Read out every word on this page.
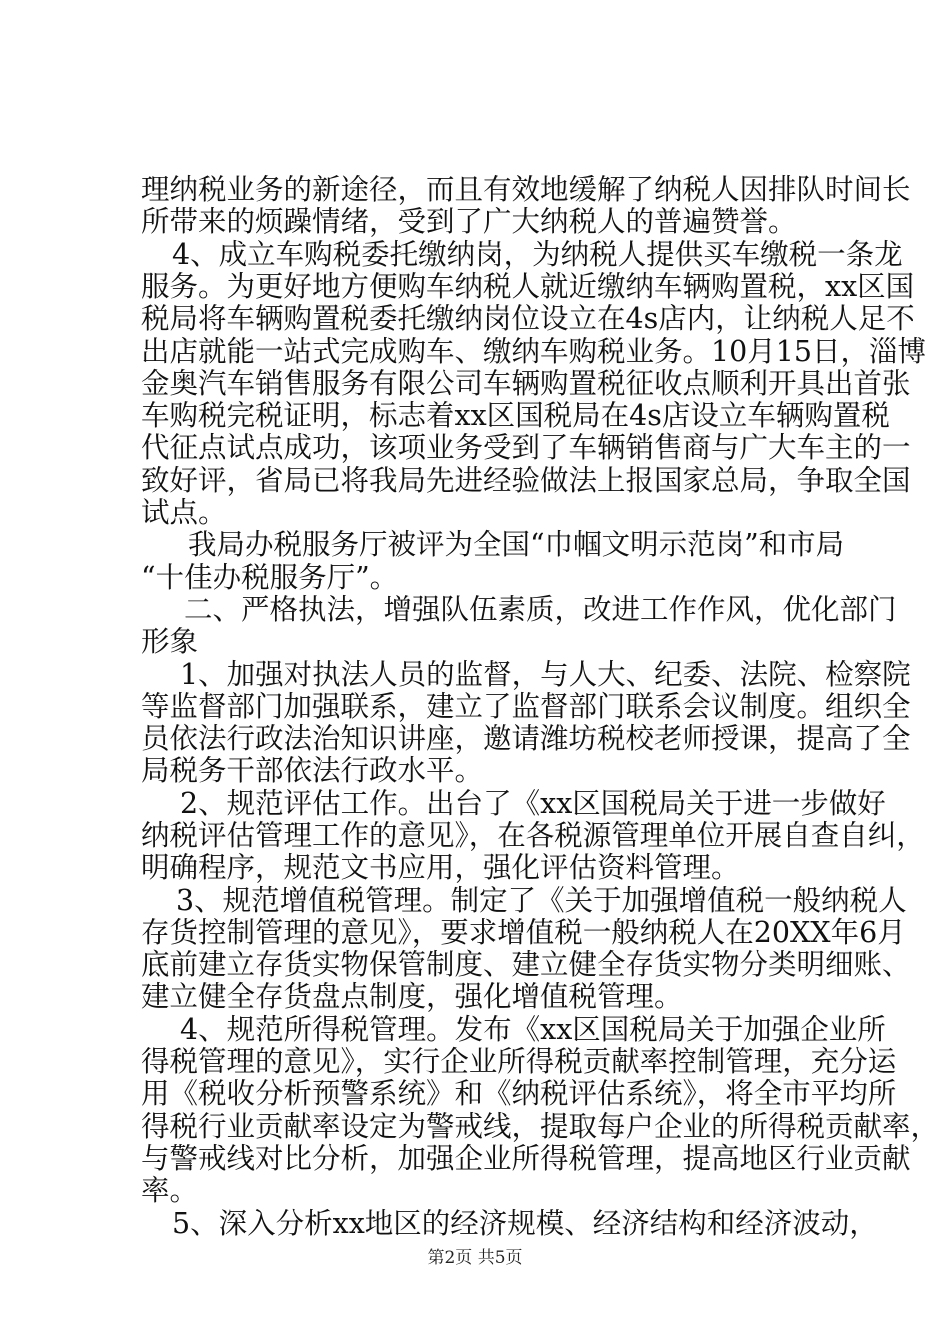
理纳税业务的新途径，而且有效地缓解了纳税人因排队时间长
所带来的烦躁情绪，受到了广大纳税人的普遍赞誉。
4、成立车购税委托缴纳岗，为纳税人提供买车缴税一条龙
服务。为更好地方便购车纳税人就近缴纳车辆购置税，xx区国
税局将车辆购置税委托缴纳岗位设立在4s店内，让纳税人足不
出店就能一站式完成购车、缴纳车购税业务。10月15日，淄博
金奥汽车销售服务有限公司车辆购置税征收点顺利开具出首张
车购税完税证明，标志着xx区国税局在4s店设立车辆购置税
代征点试点成功，该项业务受到了车辆销售商与广大车主的一
致好评，省局已将我局先进经验做法上报国家总局，争取全国
试点。
我局办税服务厅被评为全国“巾帼文明示范岗”和市局
“十佳办税服务厅”。
二、严格执法，增强队伍素质，改进工作作风，优化部门
形象
1、加强对执法人员的监督，与人大、纪委、法院、检察院
等监督部门加强联系，建立了监督部门联系会议制度。组织全
员依法行政法治知识讲座，邀请潍坊税校老师授课，提高了全
局税务干部依法行政水平。
2、规范评估工作。出台了《xx区国税局关于进一步做好
纳税评估管理工作的意见》，在各税源管理单位开展自查自纠，
明确程序，规范文书应用，强化评估资料管理。
3、规范增值税管理。制定了《关于加强增值税一般纳税人
存货控制管理的意见》，要求增值税一般纳税人在20XX年6月
底前建立存货实物保管制度、建立健全存货实物分类明细账、
建立健全存货盘点制度，强化增值税管理。
4、规范所得税管理。发布《xx区国税局关于加强企业所
得税管理的意见》，实行企业所得税贡献率控制管理，充分运
用《税收分析预警系统》和《纳税评估系统》，将全市平均所
得税行业贡献率设定为警戒线，提取每户企业的所得税贡献率，
与警戒线对比分析，加强企业所得税管理，提高地区行业贡献
率。
5、深入分析xx地区的经济规模、经济结构和经济波动，
第2页 共5页
